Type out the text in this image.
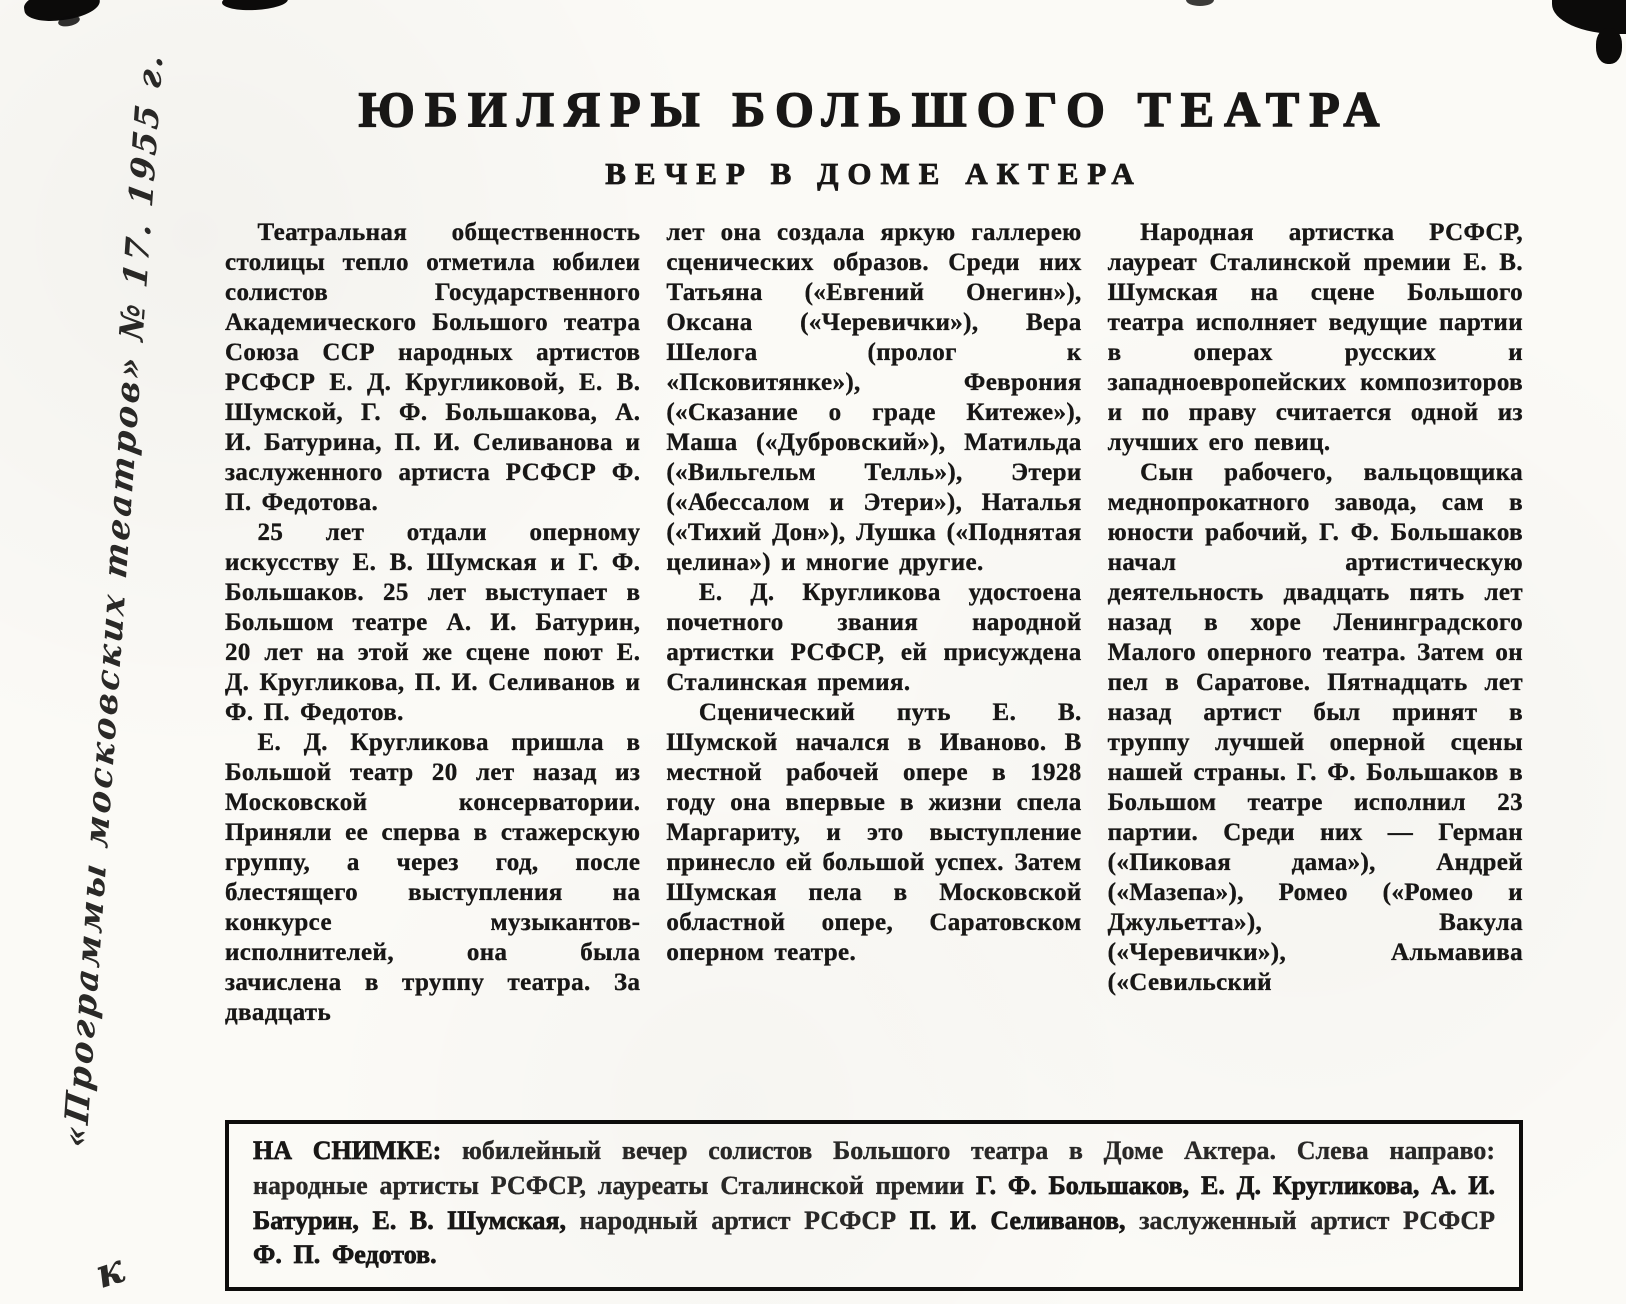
«Программы московских театров» № 17. 1955 г.
к
ЮБИЛЯРЫ БОЛЬШОГО ТЕАТРА
ВЕЧЕР В ДОМЕ АКТЕРА

Театральная общественность столицы тепло отметила юбилеи солистов Государственного Академического Большого театра Союза ССР народных артистов РСФСР Е. Д. Кругликовой, Е. В. Шумской, Г. Ф. Большакова, А. И. Батурина, П. И. Селиванова и заслуженного артиста РСФСР Ф. П. Федотова.

25 лет отдали оперному искусству Е. В. Шумская и Г. Ф. Большаков. 25 лет выступает в Большом театре А. И. Батурин, 20 лет на этой же сцене поют Е. Д. Кругликова, П. И. Селиванов и Ф. П. Федотов.

Е. Д. Кругликова пришла в Большой театр 20 лет назад из Московской консерватории. Приняли ее сперва в стажерскую группу, а через год, после блестящего выступления на конкурсе музыкантов-исполнителей, она была зачислена в труппу театра. За двадцать

лет она создала яркую галлерею сценических образов. Среди них Татьяна («Евгений Онегин»), Оксана («Черевички»), Вера Шелога (пролог к «Псковитянке»), Феврония («Сказание о граде Китеже»), Маша («Дубровский»), Матильда («Вильгельм Телль»), Этери («Абессалом и Этери»), Наталья («Тихий Дон»), Лушка («Поднятая целина») и многие другие.

Е. Д. Кругликова удостоена почетного звания народной артистки РСФСР, ей присуждена Сталинская премия.

Сценический путь Е. В. Шумской начался в Иваново. В местной рабочей опере в 1928 году она впервые в жизни спела Маргариту, и это выступление принесло ей большой успех. Затем Шумская пела в Московской областной опере, Саратовском оперном театре.

Народная артистка РСФСР, лауреат Сталинской премии Е. В. Шумская на сцене Большого театра исполняет ведущие партии в операх русских и западноевропейских композиторов и по праву считается одной из лучших его певиц.

Сын рабочего, вальцовщика меднопрокатного завода, сам в юности рабочий, Г. Ф. Большаков начал артистическую деятельность двадцать пять лет назад в хоре Ленинградского Малого оперного театра. Затем он пел в Саратове. Пятнадцать лет назад артист был принят в труппу лучшей оперной сцены нашей страны. Г. Ф. Большаков в Большом театре исполнил 23 партии. Среди них — Герман («Пиковая дама»), Андрей («Мазепа»), Ромео («Ромео и Джульетта»), Вакула («Черевички»), Альмавива («Севильский

НА СНИМКЕ: юбилейный вечер солистов Большого театра в Доме Актера. Слева направо: народные артисты РСФСР, лауреаты Сталинской премии Г. Ф. Большаков, Е. Д. Кругликова, А. И. Батурин, Е. В. Шумская, народный артист РСФСР П. И. Селиванов, заслуженный артист РСФСР Ф. П. Федотов.
